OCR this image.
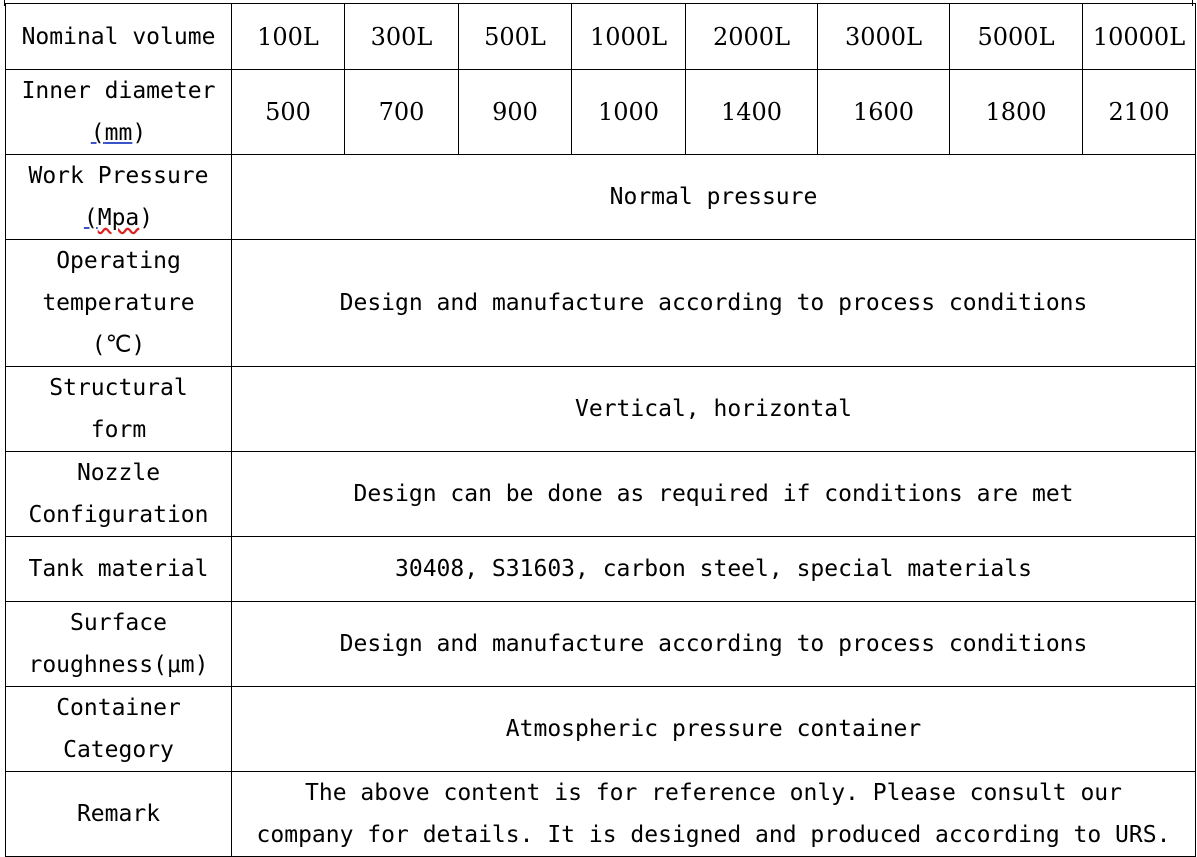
Nominal volume	100L	300L	500L	1000L	2000L	3000L	5000L	10000L

Inner diameter
(mm)	500	700	900	1000	1400	1600	1800	2100

Work Pressure
(Mpa)	Normal pressure							

Operating
temperature
(℃)	Design and manufacture according to process conditions							

Structural
form	Vertical, horizontal							

Nozzle
Configuration	Design can be done as required if conditions are met							
Tank material	30408, S31603, carbon steel, special materials							

Surface
roughness(μm)	Design and manufacture according to process conditions							

Container
Category	Atmospheric pressure container							
Remark	The above content is for reference only. Please consult our
company for details. It is designed and produced according to URS.							
